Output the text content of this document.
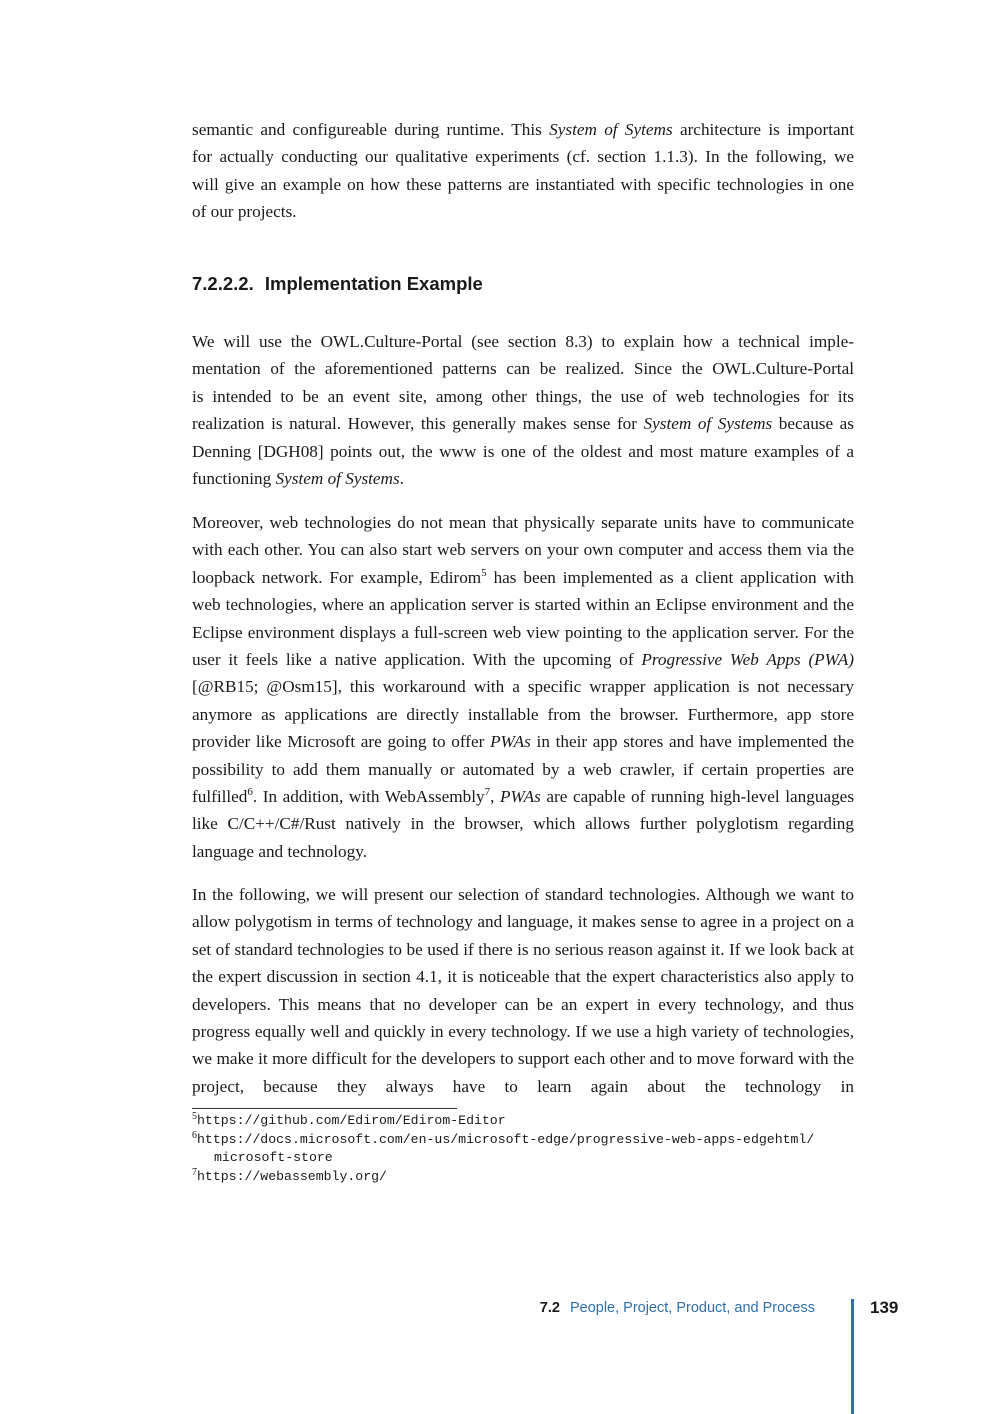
semantic and configureable during runtime. This System of Sytems architecture is important
for actually conducting our qualitative experiments (cf. section 1.1.3). In the following, we
will give an example on how these patterns are instantiated with specific technologies in one
of our projects.
7.2.2.2. Implementation Example
We will use the OWL.Culture-Portal (see section 8.3) to explain how a technical imple-
mentation of the aforementioned patterns can be realized. Since the OWL.Culture-Portal
is intended to be an event site, among other things, the use of web technologies for its
realization is natural. However, this generally makes sense for System of Systems because as
Denning [DGH08] points out, the www is one of the oldest and most mature examples of a
functioning System of Systems.

Moreover, web technologies do not mean that physically separate units have to communicate with each other. You can also start web servers on your own computer and access them via the loopback network. For example, Edirom$^5$ has been implemented as a client application with web technologies, where an application server is started within an Eclipse environment and the Eclipse environment displays a full-screen web view pointing to the application server. For the user it feels like a native application. With the upcoming of Progressive Web Apps (PWA) [@RB15; @Osm15], this workaround with a specific wrapper application is not necessary anymore as applications are directly installable from the browser. Furthermore, app store provider like Microsoft are going to offer PWAs in their app stores and have implemented the possibility to add them manually or automated by a web crawler, if certain properties are fulfilled$^6$. In addition, with WebAssembly$^7$, PWAs are capable of running high-level languages like C/C++/C#/Rust natively in the browser, which allows further polyglotism regarding language and technology.

In the following, we will present our selection of standard technologies. Although we want to allow polygotism in terms of technology and language, it makes sense to agree in a project on a set of standard technologies to be used if there is no serious reason against it. If we look back at the expert discussion in section 4.1, it is noticeable that the expert characteristics also apply to developers. This means that no developer can be an expert in every technology, and thus progress equally well and quickly in every technology. If we use a high variety of technologies, we make it more difficult for the developers to support each other and to move forward with the project, because they always have to learn again about the technology in

$^5$https://github.com/Edirom/Edirom-Editor
$^6$https://docs.microsoft.com/en-us/microsoft-edge/progressive-web-apps-edgehtml/
microsoft-store
$^7$https://webassembly.org/
7.2 People, Project, Product, and Process	139
